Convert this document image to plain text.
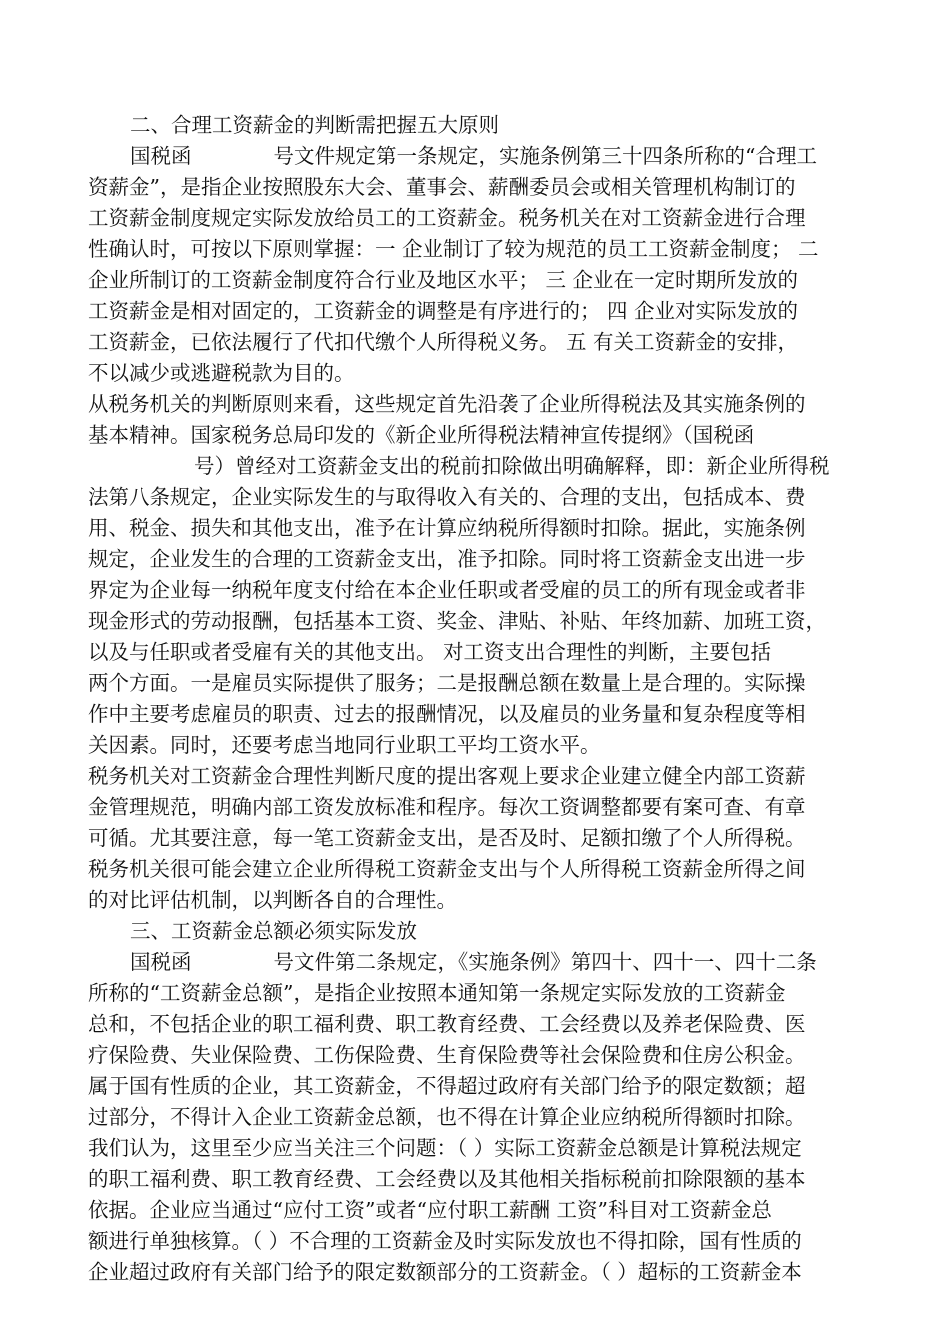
二、合理工资薪金的判断需把握五大原则
国税函　　　　号文件规定第一条规定，实施条例第三十四条所称的“合理工
资薪金”，是指企业按照股东大会、董事会、薪酬委员会或相关管理机构制订的
工资薪金制度规定实际发放给员工的工资薪金。税务机关在对工资薪金进行合理
性确认时，可按以下原则掌握：一 企业制订了较为规范的员工工资薪金制度； 二
企业所制订的工资薪金制度符合行业及地区水平； 三 企业在一定时期所发放的
工资薪金是相对固定的，工资薪金的调整是有序进行的； 四 企业对实际发放的
工资薪金，已依法履行了代扣代缴个人所得税义务。 五 有关工资薪金的安排，
不以减少或逃避税款为目的。
从税务机关的判断原则来看，这些规定首先沿袭了企业所得税法及其实施条例的
基本精神。国家税务总局印发的《新企业所得税法精神宣传提纲》（国税函
号）曾经对工资薪金支出的税前扣除做出明确解释，即：新企业所得税
法第八条规定，企业实际发生的与取得收入有关的、合理的支出，包括成本、费
用、税金、损失和其他支出，准予在计算应纳税所得额时扣除。据此，实施条例
规定，企业发生的合理的工资薪金支出，准予扣除。同时将工资薪金支出进一步
界定为企业每一纳税年度支付给在本企业任职或者受雇的员工的所有现金或者非
现金形式的劳动报酬，包括基本工资、奖金、津贴、补贴、年终加薪、加班工资，
以及与任职或者受雇有关的其他支出。 对工资支出合理性的判断，主要包括
两个方面。一是雇员实际提供了服务；二是报酬总额在数量上是合理的。实际操
作中主要考虑雇员的职责、过去的报酬情况，以及雇员的业务量和复杂程度等相
关因素。同时，还要考虑当地同行业职工平均工资水平。
税务机关对工资薪金合理性判断尺度的提出客观上要求企业建立健全内部工资薪
金管理规范，明确内部工资发放标准和程序。每次工资调整都要有案可查、有章
可循。尤其要注意，每一笔工资薪金支出，是否及时、足额扣缴了个人所得税。
税务机关很可能会建立企业所得税工资薪金支出与个人所得税工资薪金所得之间
的对比评估机制，以判断各自的合理性。
三、工资薪金总额必须实际发放
国税函　　　　号文件第二条规定，《实施条例》第四十、四十一、四十二条
所称的“工资薪金总额”，是指企业按照本通知第一条规定实际发放的工资薪金
总和，不包括企业的职工福利费、职工教育经费、工会经费以及养老保险费、医
疗保险费、失业保险费、工伤保险费、生育保险费等社会保险费和住房公积金。
属于国有性质的企业，其工资薪金，不得超过政府有关部门给予的限定数额；超
过部分，不得计入企业工资薪金总额，也不得在计算企业应纳税所得额时扣除。
我们认为，这里至少应当关注三个问题：（ ）实际工资薪金总额是计算税法规定
的职工福利费、职工教育经费、工会经费以及其他相关指标税前扣除限额的基本
依据。企业应当通过“应付工资”或者“应付职工薪酬 工资”科目对工资薪金总
额进行单独核算。（ ）不合理的工资薪金及时实际发放也不得扣除，国有性质的
企业超过政府有关部门给予的限定数额部分的工资薪金。（ ）超标的工资薪金本
